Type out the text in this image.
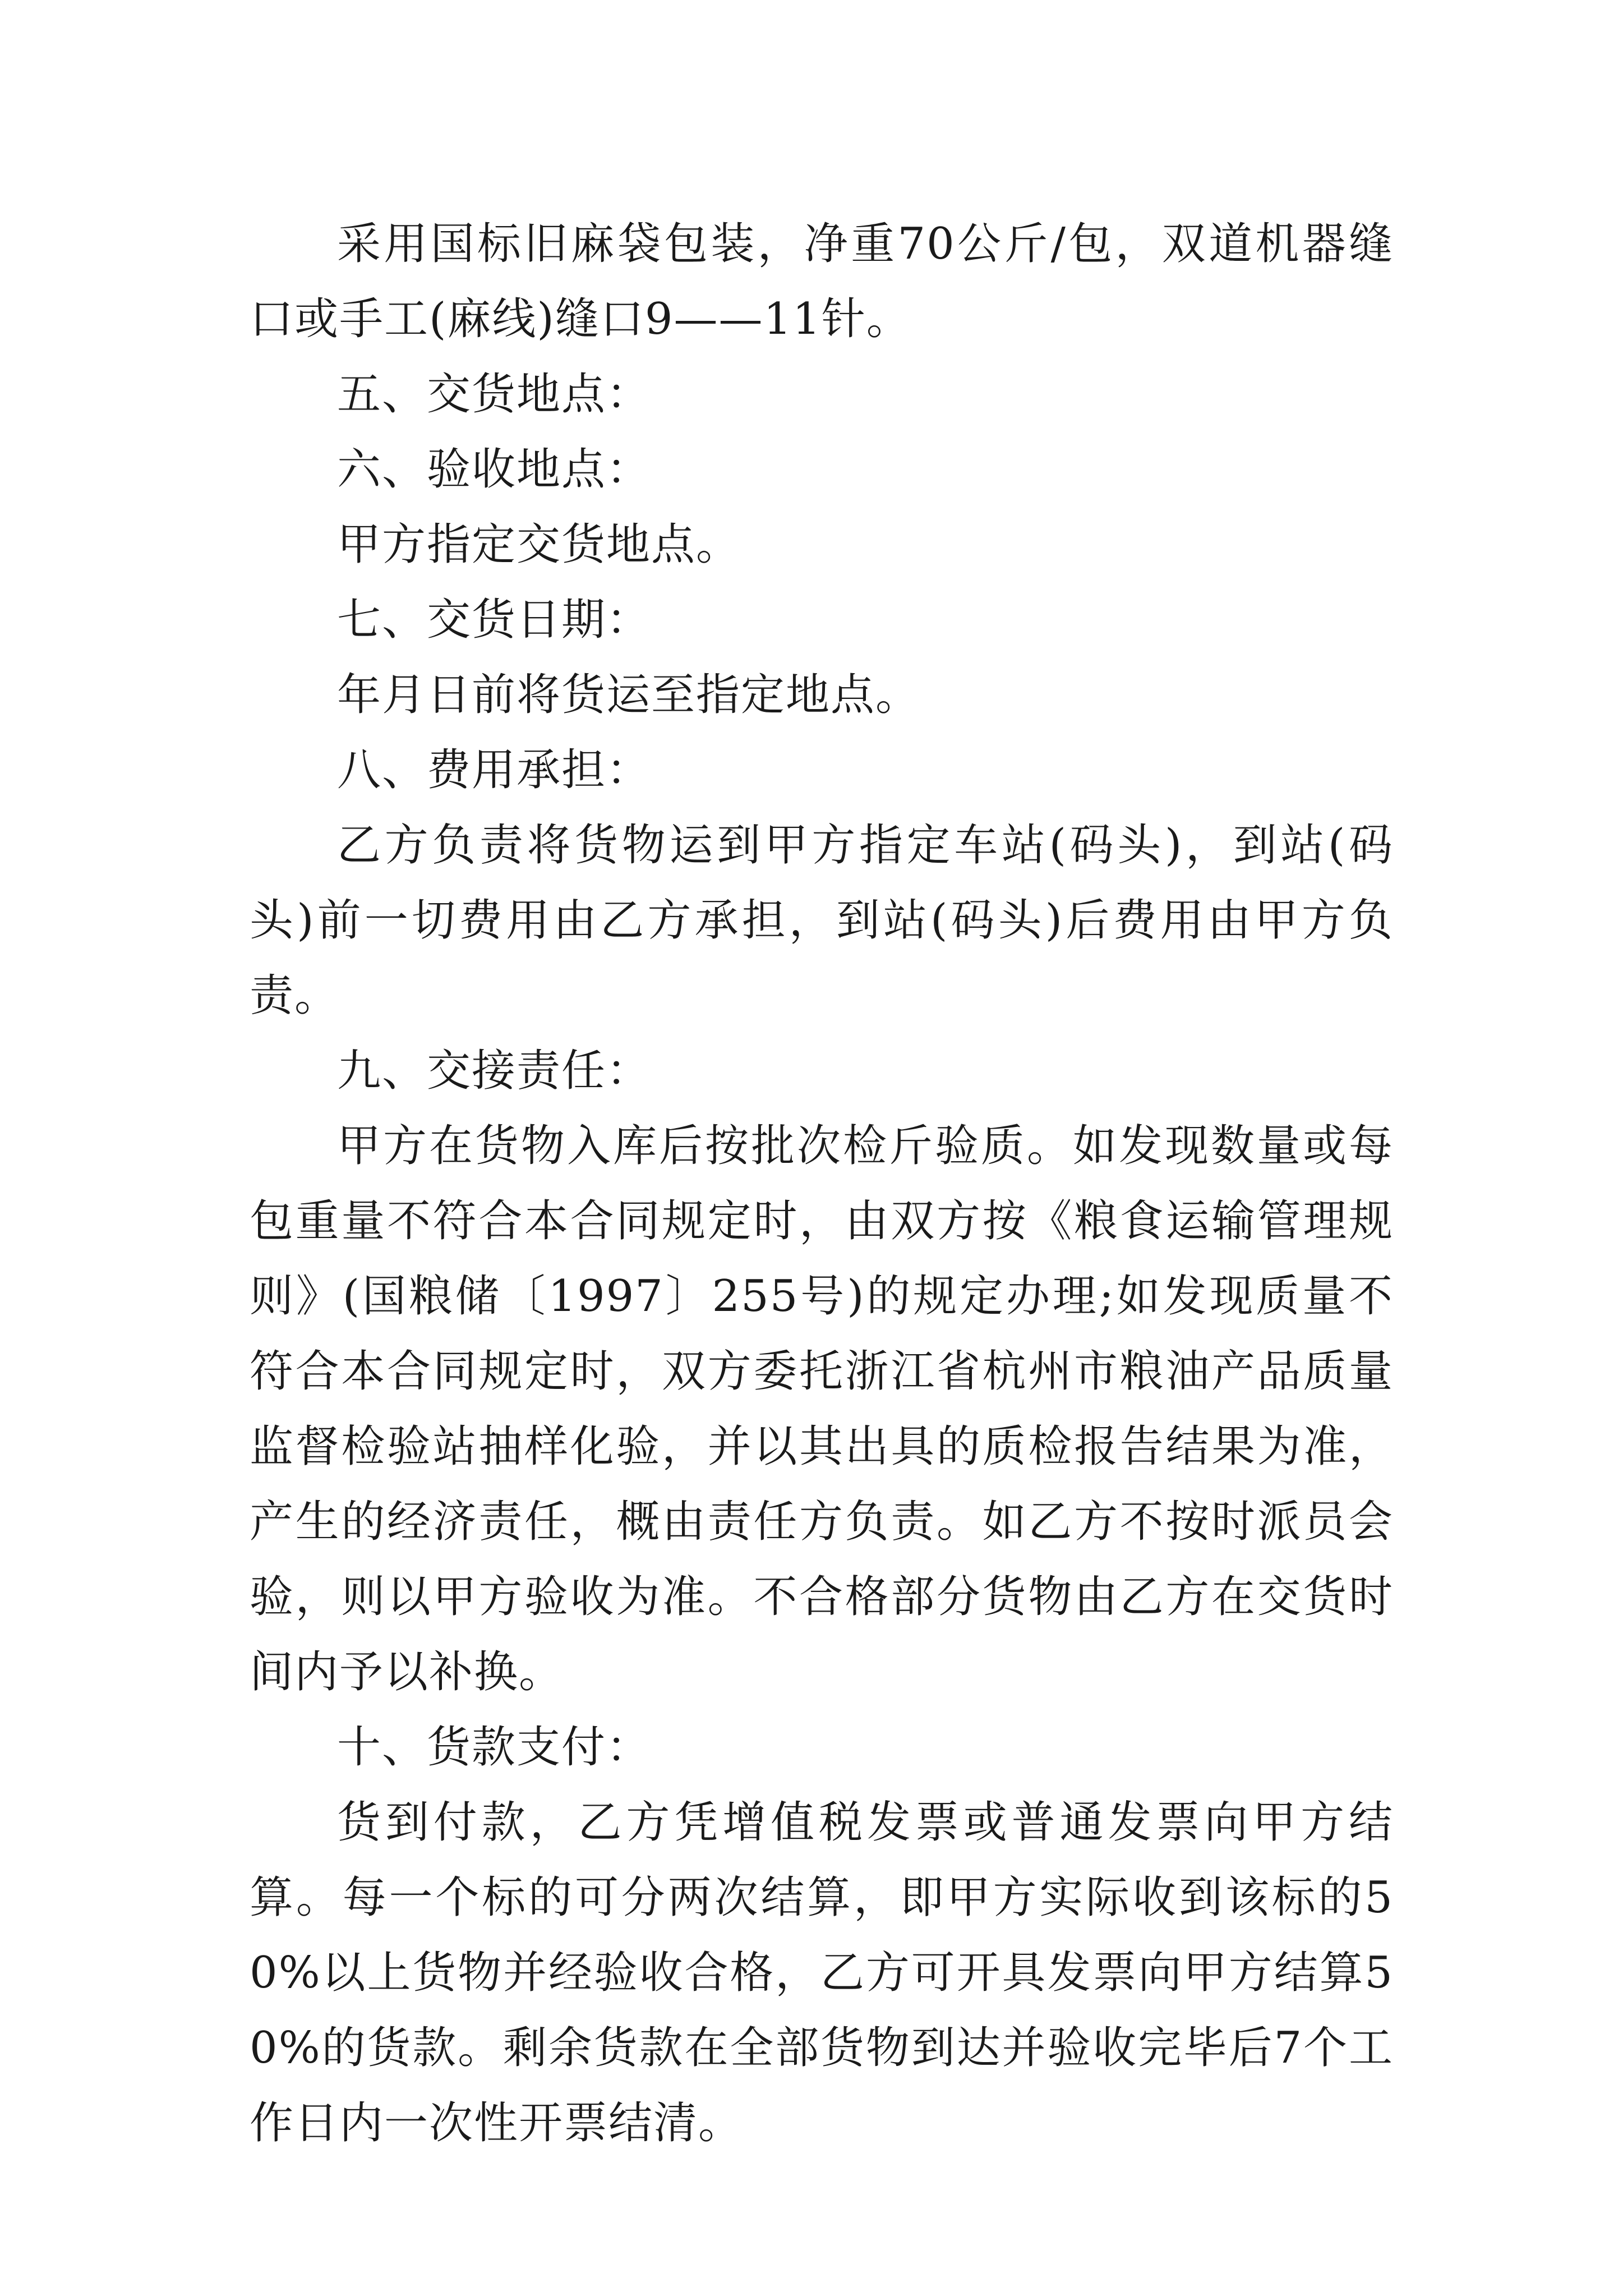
采用国标旧麻袋包装，净重70公斤/包，双道机器缝口或手工(麻线)缝口9——11针。

五、交货地点：

六、验收地点：

甲方指定交货地点。

七、交货日期：

年月日前将货运至指定地点。

八、费用承担：

乙方负责将货物运到甲方指定车站(码头)，到站(码头)前一切费用由乙方承担，到站(码头)后费用由甲方负责。

九、交接责任：

甲方在货物入库后按批次检斤验质。如发现数量或每包重量不符合本合同规定时，由双方按《粮食运输管理规则》(国粮储〔1997〕255号)的规定办理;如发现质量不符合本合同规定时，双方委托浙江省杭州市粮油产品质量监督检验站抽样化验，并以其出具的质检报告结果为准，产生的经济责任，概由责任方负责。如乙方不按时派员会验，则以甲方验收为准。不合格部分货物由乙方在交货时间内予以补换。

十、货款支付：

货到付款，乙方凭增值税发票或普通发票向甲方结算。每一个标的可分两次结算，即甲方实际收到该标的50%以上货物并经验收合格，乙方可开具发票向甲方结算50%的货款。剩余货款在全部货物到达并验收完毕后7个工作日内一次性开票结清。
